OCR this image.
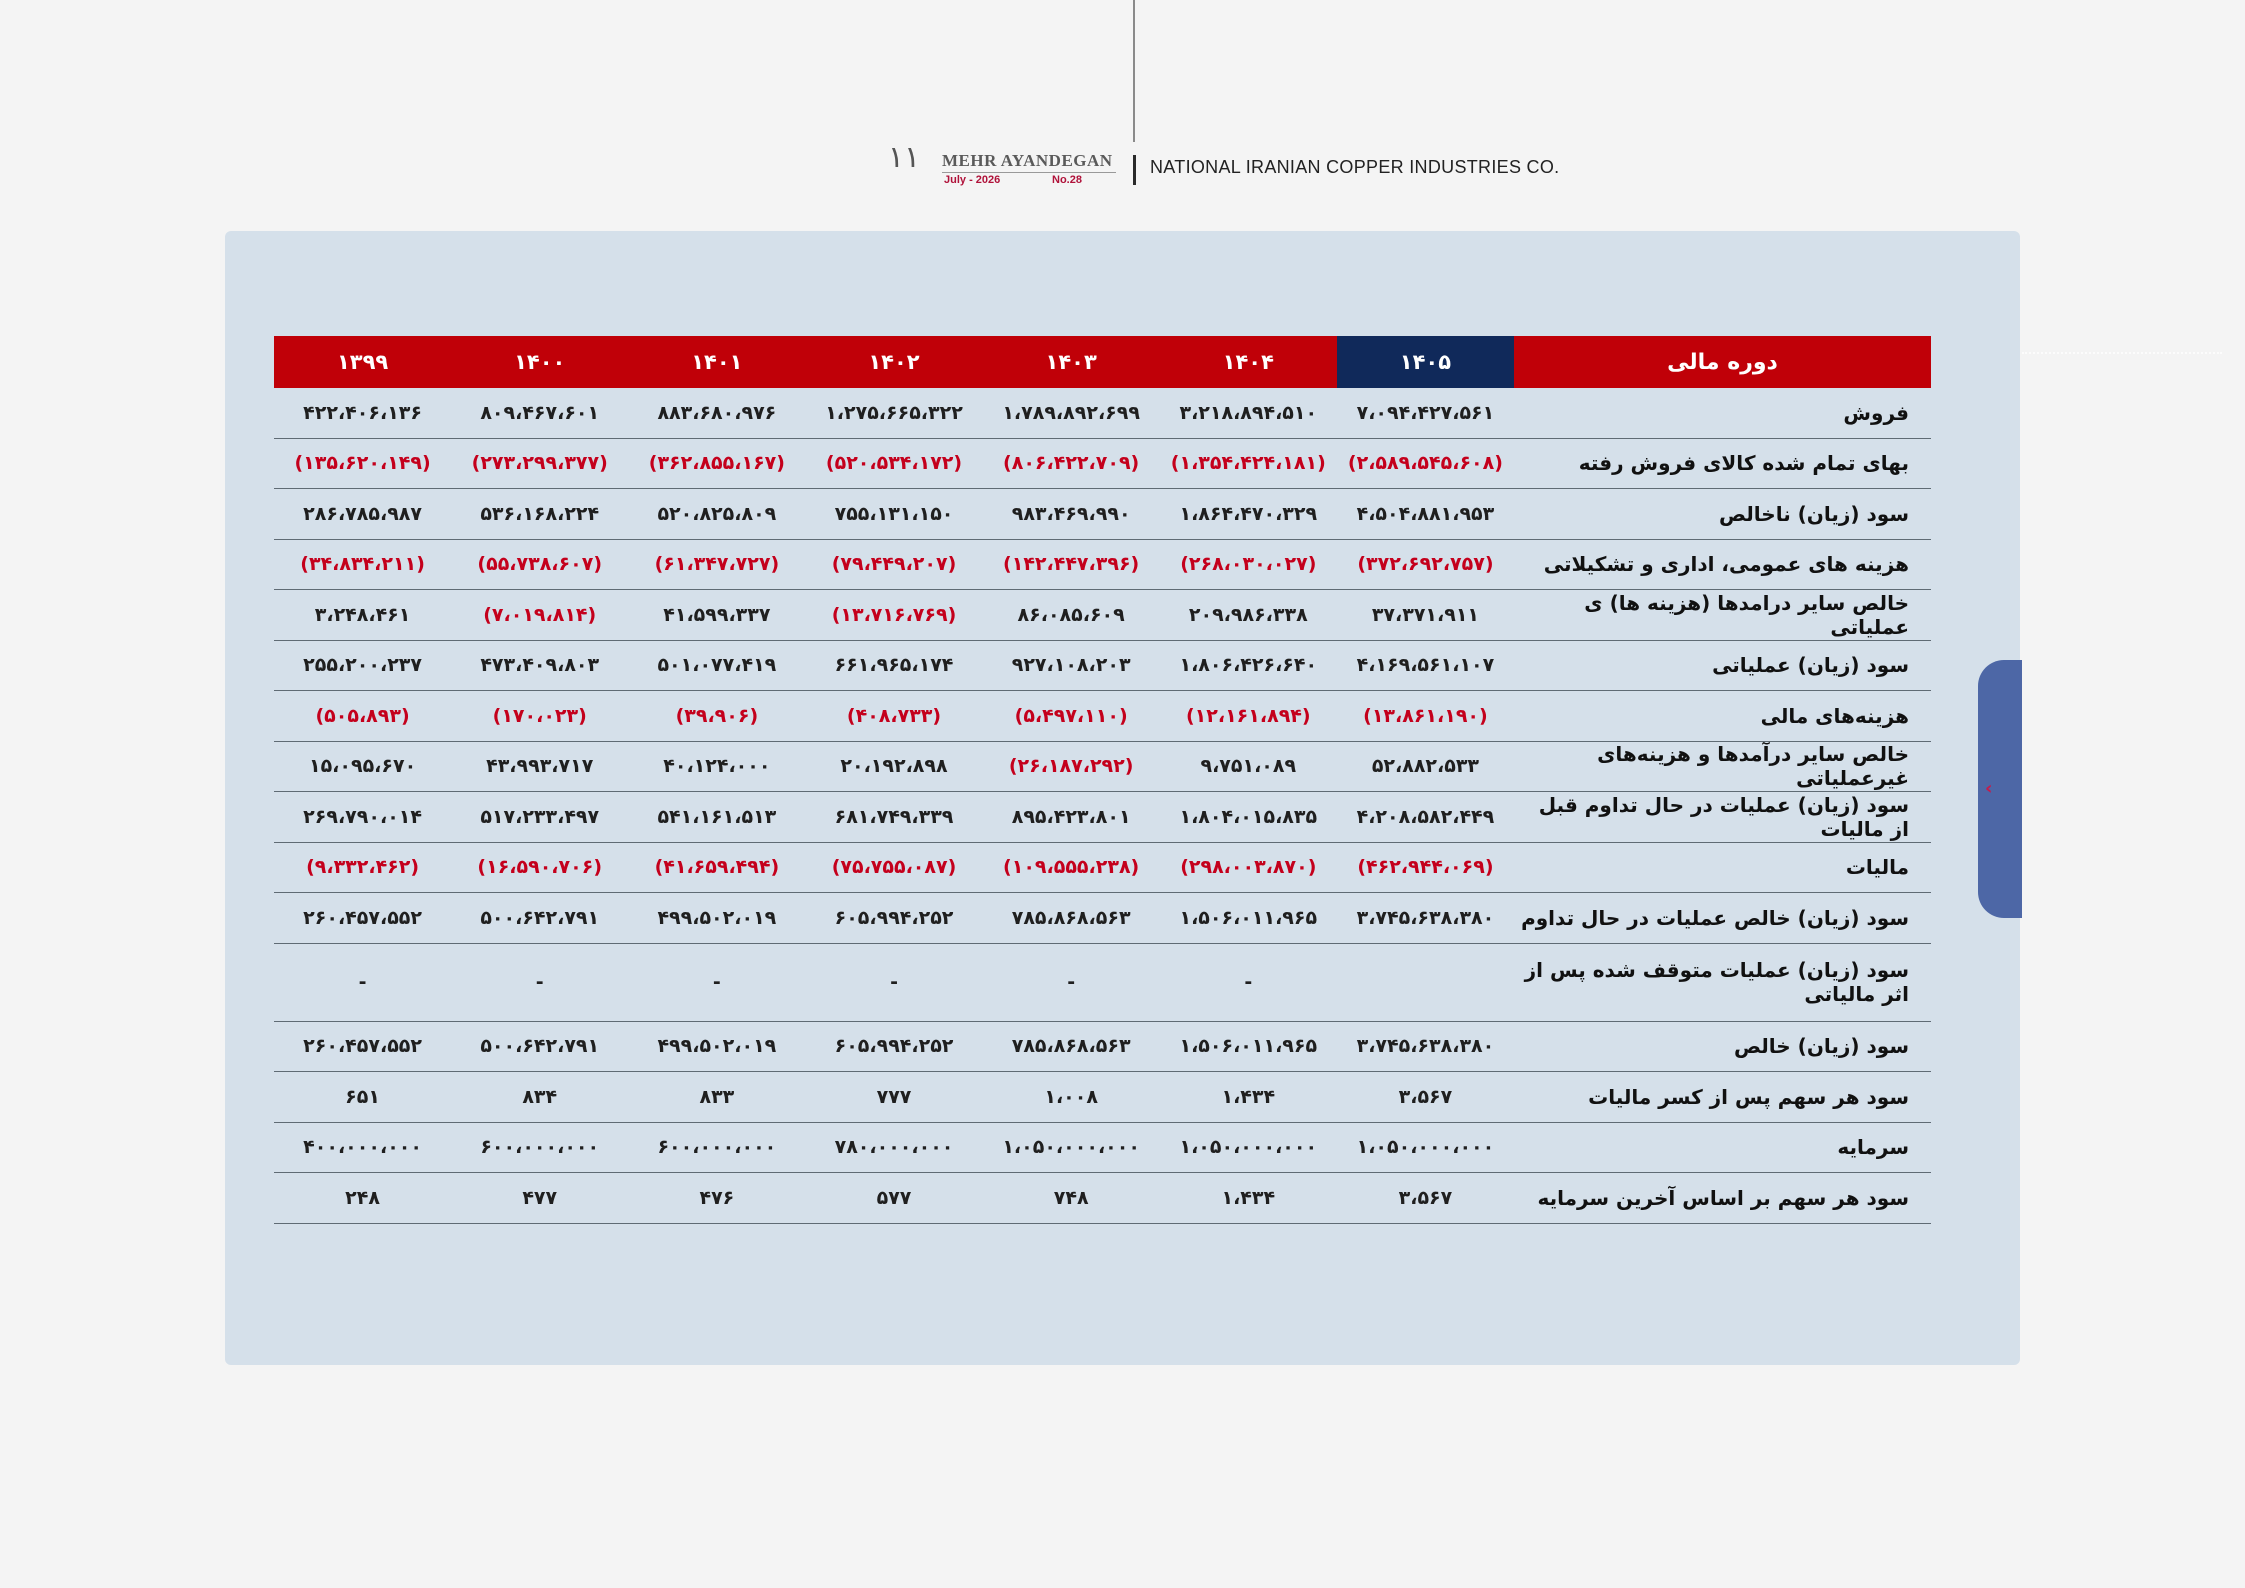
۱۱ MEHR AYANDEGAN
July - 2026	No.28
NATIONAL IRANIAN COPPER INDUSTRIES CO.
‹
دوره مالی	۱۴۰۵	۱۴۰۴	۱۴۰۳	۱۴۰۲	۱۴۰۱	۱۴۰۰	۱۳۹۹
فروش	۷،۰۹۴،۴۲۷،۵۶۱	۳،۲۱۸،۸۹۴،۵۱۰	۱،۷۸۹،۸۹۲،۶۹۹	۱،۲۷۵،۶۶۵،۳۲۲	۸۸۳،۶۸۰،۹۷۶	۸۰۹،۴۶۷،۶۰۱	۴۲۲،۴۰۶،۱۳۶
بهای تمام شده کالای فروش رفته	(۲،۵۸۹،۵۴۵،۶۰۸)	(۱،۳۵۴،۴۲۴،۱۸۱)	(۸۰۶،۴۲۲،۷۰۹)	(۵۲۰،۵۳۴،۱۷۲)	(۳۶۲،۸۵۵،۱۶۷)	(۲۷۳،۲۹۹،۳۷۷)	(۱۳۵،۶۲۰،۱۴۹)
سود (زیان) ناخالص	۴،۵۰۴،۸۸۱،۹۵۳	۱،۸۶۴،۴۷۰،۳۲۹	۹۸۳،۴۶۹،۹۹۰	۷۵۵،۱۳۱،۱۵۰	۵۲۰،۸۲۵،۸۰۹	۵۳۶،۱۶۸،۲۲۴	۲۸۶،۷۸۵،۹۸۷
هزینه های عمومی، اداری و تشکیلاتی	(۳۷۲،۶۹۲،۷۵۷)	(۲۶۸،۰۳۰،۰۲۷)	(۱۴۲،۴۴۷،۳۹۶)	(۷۹،۴۴۹،۲۰۷)	(۶۱،۳۴۷،۷۲۷)	(۵۵،۷۳۸،۶۰۷)	(۳۴،۸۳۴،۲۱۱)
خالص سایر درامدها (هزینه ها) ی عملیاتی	۳۷،۳۷۱،۹۱۱	۲۰۹،۹۸۶،۳۳۸	۸۶،۰۸۵،۶۰۹	(۱۳،۷۱۶،۷۶۹)	۴۱،۵۹۹،۳۳۷	(۷،۰۱۹،۸۱۴)	۳،۲۴۸،۴۶۱
سود (زیان) عملیاتی	۴،۱۶۹،۵۶۱،۱۰۷	۱،۸۰۶،۴۲۶،۶۴۰	۹۲۷،۱۰۸،۲۰۳	۶۶۱،۹۶۵،۱۷۴	۵۰۱،۰۷۷،۴۱۹	۴۷۳،۴۰۹،۸۰۳	۲۵۵،۲۰۰،۲۳۷
هزینه‌های مالی	(۱۳،۸۶۱،۱۹۰)	(۱۲،۱۶۱،۸۹۴)	(۵،۴۹۷،۱۱۰)	(۴۰۸،۷۳۳)	(۳۹،۹۰۶)	(۱۷۰،۰۲۳)	(۵۰۵،۸۹۳)
خالص سایر درآمدها و هزینه‌های غیرعملیاتی	۵۲،۸۸۲،۵۳۳	۹،۷۵۱،۰۸۹	(۲۶،۱۸۷،۲۹۲)	۲۰،۱۹۲،۸۹۸	۴۰،۱۲۴،۰۰۰	۴۳،۹۹۳،۷۱۷	۱۵،۰۹۵،۶۷۰
سود (زیان) عملیات در حال تداوم قبل از مالیات	۴،۲۰۸،۵۸۲،۴۴۹	۱،۸۰۴،۰۱۵،۸۳۵	۸۹۵،۴۲۳،۸۰۱	۶۸۱،۷۴۹،۳۳۹	۵۴۱،۱۶۱،۵۱۳	۵۱۷،۲۳۳،۴۹۷	۲۶۹،۷۹۰،۰۱۴
مالیات	(۴۶۲،۹۴۴،۰۶۹)	(۲۹۸،۰۰۳،۸۷۰)	(۱۰۹،۵۵۵،۲۳۸)	(۷۵،۷۵۵،۰۸۷)	(۴۱،۶۵۹،۴۹۴)	(۱۶،۵۹۰،۷۰۶)	(۹،۳۳۲،۴۶۲)
سود (زیان) خالص عملیات در حال تداوم	۳،۷۴۵،۶۳۸،۳۸۰	۱،۵۰۶،۰۱۱،۹۶۵	۷۸۵،۸۶۸،۵۶۳	۶۰۵،۹۹۴،۲۵۲	۴۹۹،۵۰۲،۰۱۹	۵۰۰،۶۴۲،۷۹۱	۲۶۰،۴۵۷،۵۵۲
سود (زیان) عملیات متوقف شده پس از اثر مالیاتی		-	-	-	-	-	-
سود (زیان) خالص	۳،۷۴۵،۶۳۸،۳۸۰	۱،۵۰۶،۰۱۱،۹۶۵	۷۸۵،۸۶۸،۵۶۳	۶۰۵،۹۹۴،۲۵۲	۴۹۹،۵۰۲،۰۱۹	۵۰۰،۶۴۲،۷۹۱	۲۶۰،۴۵۷،۵۵۲
سود هر سهم پس از کسر مالیات	۳،۵۶۷	۱،۴۳۴	۱،۰۰۸	۷۷۷	۸۳۳	۸۳۴	۶۵۱
سرمایه	۱،۰۵۰،۰۰۰،۰۰۰	۱،۰۵۰،۰۰۰،۰۰۰	۱،۰۵۰،۰۰۰،۰۰۰	۷۸۰،۰۰۰،۰۰۰	۶۰۰،۰۰۰،۰۰۰	۶۰۰،۰۰۰،۰۰۰	۴۰۰،۰۰۰،۰۰۰
سود هر سهم بر اساس آخرین سرمایه	۳،۵۶۷	۱،۴۳۴	۷۴۸	۵۷۷	۴۷۶	۴۷۷	۲۴۸
